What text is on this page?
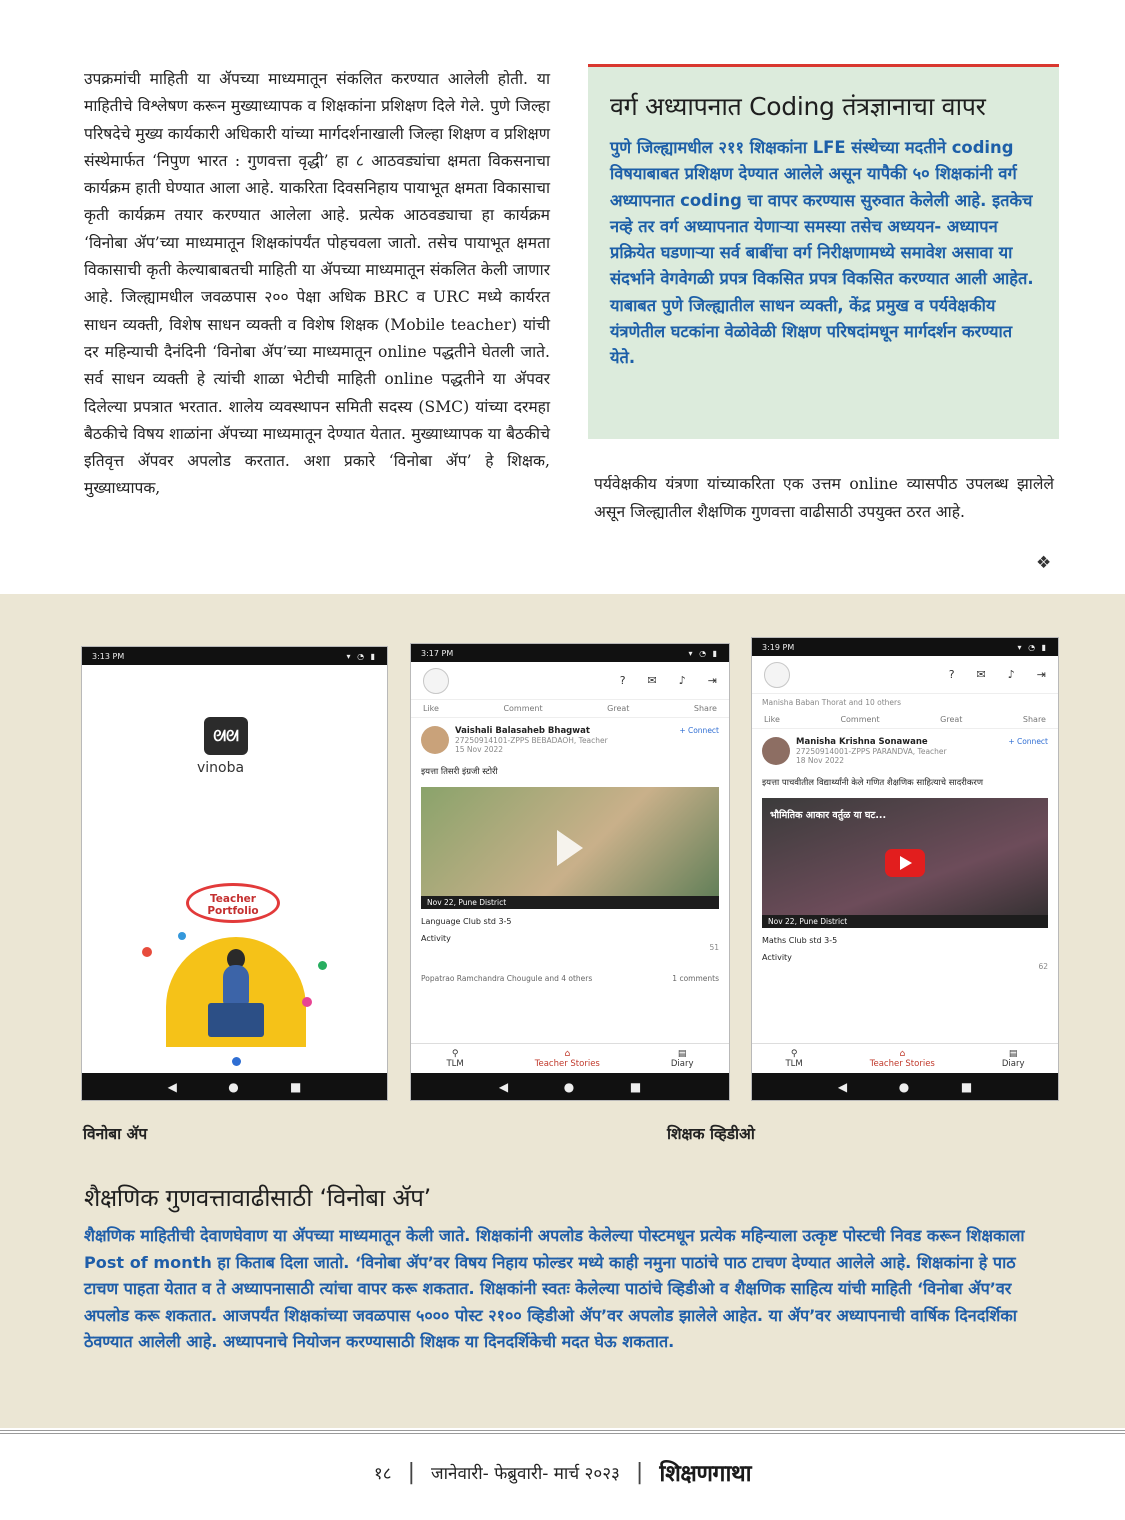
उपक्रमांची माहिती या ॲपच्या माध्यमातून संकलित करण्यात आलेली होती. या माहितीचे विश्लेषण करून मुख्याध्यापक व शिक्षकांना प्रशिक्षण दिले गेले. पुणे जिल्हा परिषदेचे मुख्य कार्यकारी अधिकारी यांच्या मार्गदर्शनाखाली जिल्हा शिक्षण व प्रशिक्षण संस्थेमार्फत ‘निपुण भारत : गुणवत्ता वृद्धी’ हा ८ आठवड्यांचा क्षमता विकसनाचा कार्यक्रम हाती घेण्यात आला आहे. याकरिता दिवसनिहाय पायाभूत क्षमता विकासाचा कृती कार्यक्रम तयार करण्यात आलेला आहे. प्रत्येक आठवड्याचा हा कार्यक्रम ‘विनोबा ॲप’च्या माध्यमातून शिक्षकांपर्यंत पोहचवला जातो. तसेच पायाभूत क्षमता विकासाची कृती केल्याबाबतची माहिती या ॲपच्या माध्यमातून संकलित केली जाणार आहे. जिल्ह्यामधील जवळपास २०० पेक्षा अधिक BRC व URC मध्ये कार्यरत साधन व्यक्ती, विशेष साधन व्यक्ती व विशेष शिक्षक (Mobile teacher) यांची दर महिन्याची दैनंदिनी ‘विनोबा ॲप’च्या माध्यमातून online पद्धतीने घेतली जाते. सर्व साधन व्यक्ती हे त्यांची शाळा भेटीची माहिती online पद्धतीने या ॲपवर दिलेल्या प्रपत्रात भरतात. शालेय व्यवस्थापन समिती सदस्य (SMC) यांच्या दरमहा बैठकीचे विषय शाळांना ॲपच्या माध्यमातून देण्यात येतात. मुख्याध्यापक या बैठकीचे इतिवृत्त ॲपवर अपलोड करतात. अशा प्रकारे ‘विनोबा ॲप’ हे शिक्षक, मुख्याध्यापक,

वर्ग अध्यापनात Coding तंत्रज्ञानाचा वापर
पुणे जिल्ह्यामधील २११ शिक्षकांना LFE संस्थेच्या मदतीने coding विषयाबाबत प्रशिक्षण देण्यात आलेले असून यापैकी ५० शिक्षकांनी वर्ग अध्यापनात coding चा वापर करण्यास सुरुवात केलेली आहे. इतकेच नव्हे तर वर्ग अध्यापनात येणाऱ्या समस्या तसेच अध्ययन- अध्यापन प्रक्रियेत घडणाऱ्या सर्व बाबींचा वर्ग निरीक्षणामध्ये समावेश असावा या संदर्भाने वेगवेगळी प्रपत्र विकसित प्रपत्र विकसित करण्यात आली आहेत. याबाबत पुणे जिल्ह्यातील साधन व्यक्ती, केंद्र प्रमुख व पर्यवेक्षकीय यंत्रणेतील घटकांना वेळोवेळी शिक्षण परिषदांमधून मार्गदर्शन करण्यात येते.
पर्यवेक्षकीय यंत्रणा यांच्याकरिता एक उत्तम online व्यासपीठ उपलब्ध झालेले असून जिल्ह्यातील शैक्षणिक गुणवत्ता वाढीसाठी उपयुक्त ठरत आहे.
❖
3:13 PM	▾ ◔ ▮
ᘛᘛ
vinoba
Teacher
Portfolio
◀	●	■
3:17 PM	▾ ◔ ▮
? ✉ ♪ ⇥
Like	Comment	Great	Share
Vaishali Balasaheb Bhagwat
27250914101-ZPPS BEBADAOH, Teacher
15 Nov 2022
+ Connect
इयत्ता तिसरी इंग्रजी स्टोरी
Nov 22, Pune District
Language Club std 3-5
Activity
51
Popatrao Ramchandra Chougule and 4 others	1 comments
⚲
TLM
⌂
Teacher Stories
▤
Diary
◀	●	■
3:19 PM	▾ ◔ ▮
? ✉ ♪ ⇥
Manisha Baban Thorat and 10 others
Like	Comment	Great	Share
Manisha Krishna Sonawane
27250914001-ZPPS PARANDVA, Teacher
18 Nov 2022
+ Connect
इयत्ता पाचवीतील विद्यार्थ्यांनी केले गणित शैक्षणिक साहित्याचे सादरीकरण
भौमितिक आकार वर्तुळ या घट...
Nov 22, Pune District
Maths Club std 3-5
Activity
62
⚲
TLM
⌂
Teacher Stories
▤
Diary
◀	●	■
विनोबा ॲप	शिक्षक व्हिडीओ
शैक्षणिक गुणवत्तावाढीसाठी ‘विनोबा ॲप’
शैक्षणिक माहितीची देवाणघेवाण या ॲपच्या माध्यमातून केली जाते. शिक्षकांनी अपलोड केलेल्या पोस्टमधून प्रत्येक महिन्याला उत्कृष्ट पोस्टची निवड करून शिक्षकाला Post of month हा किताब दिला जातो. ‘विनोबा ॲप’वर विषय निहाय फोल्डर मध्ये काही नमुना पाठांचे पाठ टाचण देण्यात आलेले आहे. शिक्षकांना हे पाठ टाचण पाहता येतात व ते अध्यापनासाठी त्यांचा वापर करू शकतात. शिक्षकांनी स्वतः केलेल्या पाठांचे व्हिडीओ व शैक्षणिक साहित्य यांची माहिती ‘विनोबा ॲप’वर अपलोड करू शकतात. आजपर्यंत शिक्षकांच्या जवळपास ५००० पोस्ट २१०० व्हिडीओ ॲप’वर अपलोड झालेले आहेत. या ॲप’वर अध्यापनाची वार्षिक दिनदर्शिका ठेवण्यात आलेली आहे. अध्यापनाचे नियोजन करण्यासाठी शिक्षक या दिनदर्शिकेची मदत घेऊ शकतात.
१८ | जानेवारी- फेब्रुवारी- मार्च २०२३ | शिक्षणगाथा
